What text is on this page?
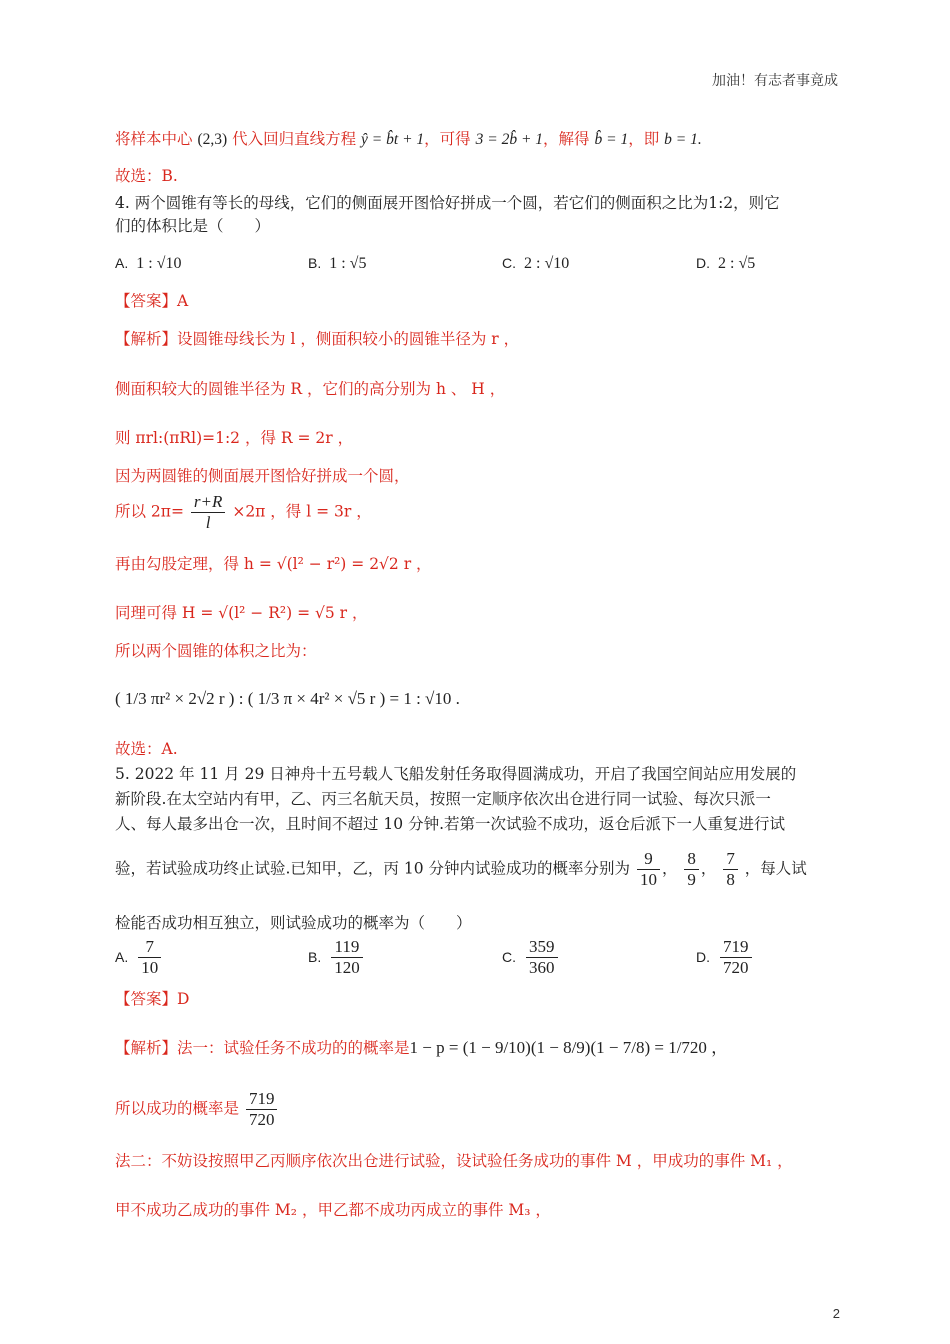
加油！有志者事竟成
将样本中心 (2,3) 代入回归直线方程 ŷ = b̂t + 1，可得 3 = 2b̂ + 1，解得 b̂ = 1，即 b = 1.
故选：B.
4. 两个圆锥有等长的母线，它们的侧面展开图恰好拼成一个圆，若它们的侧面积之比为1:2，则它
们的体积比是（　　）
A. 1 : √10	B. 1 : √5	C. 2 : √10	D. 2 : √5
【答案】A
【解析】设圆锥母线长为 l ，侧面积较小的圆锥半径为 r ，
侧面积较大的圆锥半径为 R ，它们的高分别为 h 、 H ，
则 πrl:(πRl)=1:2 ，得 R = 2r ，
因为两圆锥的侧面展开图恰好拼成一个圆，
所以 $2\pi= \frac{r+R}{l} \times 2\pi$ ，得 l = 3r ，
再由勾股定理，得 h = √(l² − r²) = 2√2 r ，
同理可得 H = √(l² − R²) = √5 r ，
所以两个圆锥的体积之比为：
( 1/3 πr² × 2√2 r ) : ( 1/3 π × 4r² × √5 r ) = 1 : √10 .
故选：A.
5. 2022 年 11 月 29 日神舟十五号载人飞船发射任务取得圆满成功，开启了我国空间站应用发展的
新阶段.在太空站内有甲，乙、丙三名航天员，按照一定顺序依次出仓进行同一试验、每次只派一
人、每人最多出仓一次，且时间不超过 10 分钟.若第一次试验不成功，返仓后派下一人重复进行试
验，若试验成功终止试验.已知甲，乙，丙 10 分钟内试验成功的概率分别为 $\frac{9}{10}$ ， $\frac{8}{9}$ ， $\frac{7}{8}$ ，每人试
检能否成功相互独立，则试验成功的概率为（　　）
A. $\frac{7}{10}$	B. $\frac{119}{120}$	C. $\frac{359}{360}$	D. $\frac{719}{720}$
【答案】D
【解析】法一：试验任务不成功的的概率是1 − p = (1 − 9/10)(1 − 8/9)(1 − 7/8) = 1/720 ，
所以成功的概率是 $\frac{719}{720}$
法二：不妨设按照甲乙丙顺序依次出仓进行试验，设试验任务成功的事件 M ，甲成功的事件 M₁ ，
甲不成功乙成功的事件 M₂ ，甲乙都不成功丙成立的事件 M₃ ，
2
